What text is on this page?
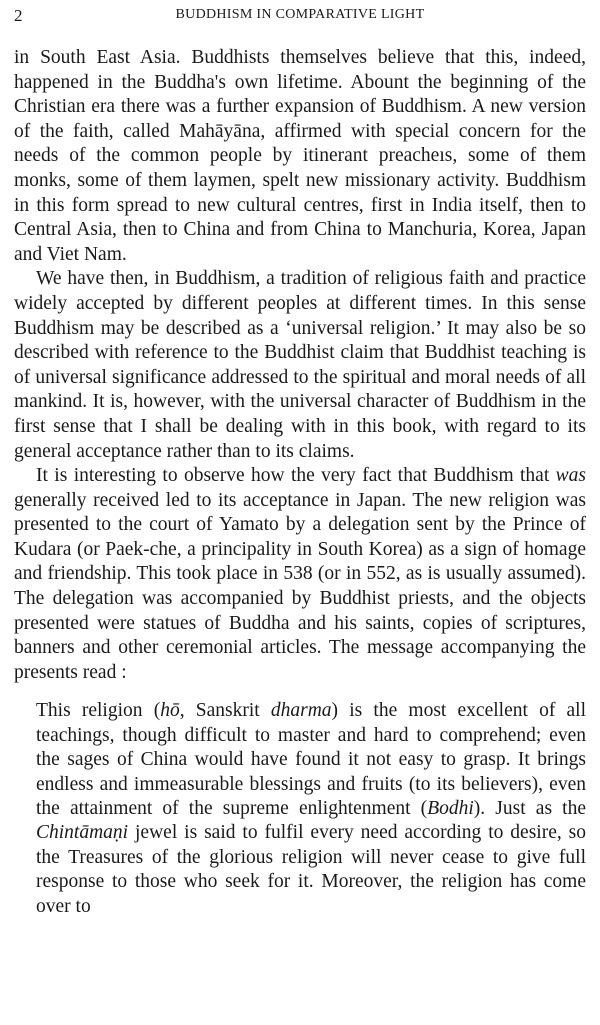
2	BUDDHISM IN COMPARATIVE LIGHT

in South East Asia. Buddhists themselves believe that this, indeed, happened in the Buddha's own lifetime. Abount the beginning of the Christian era there was a further expansion of Buddhism. A new version of the faith, called Mahāyāna, affirmed with special concern for the needs of the common people by itinerant preacheıs, some of them monks, some of them laymen, spelt new missionary activity. Buddhism in this form spread to new cultural centres, first in India itself, then to Central Asia, then to China and from China to Manchuria, Korea, Japan and Viet Nam.

We have then, in Buddhism, a tradition of religious faith and practice widely accepted by different peoples at different times. In this sense Buddhism may be described as a ‘universal religion.’ It may also be so described with reference to the Buddhist claim that Buddhist teaching is of universal significance addressed to the spiritual and moral needs of all mankind. It is, however, with the universal character of Buddhism in the first sense that I shall be dealing with in this book, with regard to its general acceptance rather than to its claims.

It is interesting to observe how the very fact that Buddhism that was generally received led to its acceptance in Japan. The new religion was presented to the court of Yamato by a delegation sent by the Prince of Kudara (or Paek-che, a principality in South Korea) as a sign of homage and friendship. This took place in 538 (or in 552, as is usually assumed). The delegation was accompanied by Buddhist priests, and the objects presented were statues of Buddha and his saints, copies of scriptures, banners and other ceremonial articles. The message accompanying the presents read :

This religion (hō, Sanskrit dharma) is the most excellent of all teachings, though difficult to master and hard to comprehend; even the sages of China would have found it not easy to grasp. It brings endless and immeasurable blessings and fruits (to its believers), even the attainment of the supreme enlightenment (Bodhi). Just as the Chintāmaṇi jewel is said to fulfil every need according to desire, so the Treasures of the glorious religion will never cease to give full response to those who seek for it. Moreover, the religion has come over to
